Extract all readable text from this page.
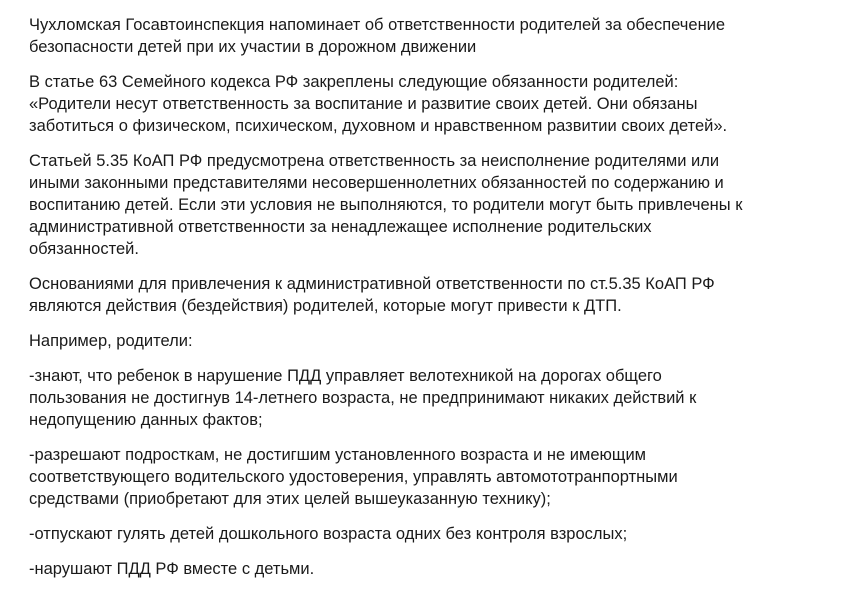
Чухломская Госавтоинспекция напоминает об ответственности родителей за обеспечение
безопасности детей при их участии в дорожном движении

В статье 63 Семейного кодекса РФ закреплены следующие обязанности родителей:
«Родители несут ответственность за воспитание и развитие своих детей. Они обязаны
заботиться о физическом, психическом, духовном и нравственном развитии своих детей».

Статьей 5.35 КоАП РФ предусмотрена ответственность за неисполнение родителями или
иными законными представителями несовершеннолетних обязанностей по содержанию и
воспитанию детей. Если эти условия не выполняются, то родители могут быть привлечены к
административной ответственности за ненадлежащее исполнение родительских
обязанностей.

Основаниями для привлечения к административной ответственности по ст.5.35 КоАП РФ
являются действия (бездействия) родителей, которые могут привести к ДТП.

Например, родители:

-знают, что ребенок в нарушение ПДД управляет велотехникой на дорогах общего
пользования не достигнув 14-летнего возраста, не предпринимают никаких действий к
недопущению данных фактов;

-разрешают подросткам, не достигшим установленного возраста и не имеющим
соответствующего водительского удостоверения, управлять автомототранпортными
средствами (приобретают для этих целей вышеуказанную технику);

-отпускают гулять детей дошкольного возраста одних без контроля взрослых;

-нарушают ПДД РФ вместе с детьми.
